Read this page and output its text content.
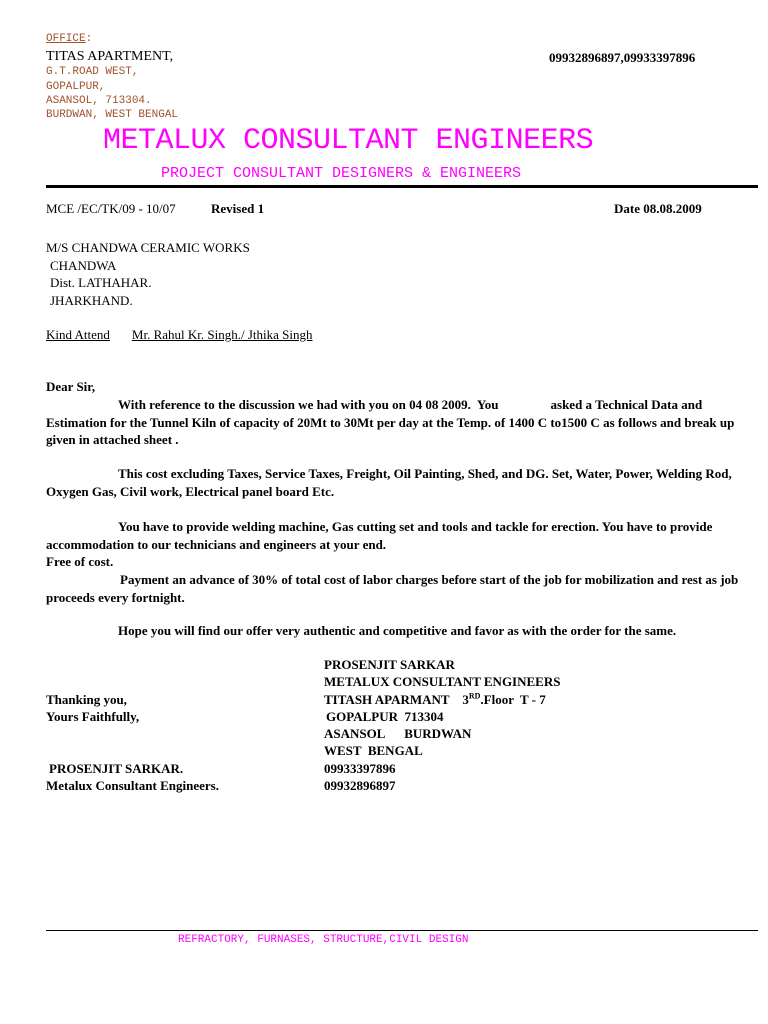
OFFICE:
TITAS APARTMENT,
G.T.ROAD WEST,
GOPALPUR,
ASANSOL, 713304.
BURDWAN, WEST BENGAL
09932896897,09933397896
METALUX CONSULTANT ENGINEERS
PROJECT CONSULTANT DESIGNERS & ENGINEERS
MCE /EC/TK/09 - 10/07	Revised 1	Date 08.08.2009
M/S CHANDWA CERAMIC WORKS
CHANDWA
Dist. LATHAHAR.
JHARKHAND.
Kind Attend Mr. Rahul Kr. Singh./ Jthika Singh
Dear Sir,

With reference to the discussion we had with you on 04 08 2009.  You                asked a Technical Data and Estimation for the Tunnel Kiln of capacity of 20Mt to 30Mt per day at the Temp. of 1400 C to1500 C as follows and break up given in attached sheet .

This cost excluding Taxes, Service Taxes, Freight, Oil Painting, Shed, and DG. Set, Water, Power, Welding Rod, Oxygen Gas, Civil work, Electrical panel board Etc.

You have to provide welding machine, Gas cutting set and tools and tackle for erection. You have to provide accommodation to our technicians and engineers at your end.

Free of cost.

Payment an advance of 30% of total cost of labor charges before start of the job for mobilization and rest as job proceeds every fortnight.

Hope you will find our offer very authentic and competitive and favor as with the order for the same.

Thanking you,
Yours Faithfully,
PROSENJIT SARKAR.
Metalux Consultant Engineers.
PROSENJIT SARKAR
METALUX CONSULTANT ENGINEERS
TITASH APARMANT    3RD.Floor  T - 7
GOPALPUR  713304
ASANSOL      BURDWAN
WEST  BENGAL
09933397896
09932896897
REFRACTORY, FURNASES, STRUCTURE,CIVIL DESIGN
